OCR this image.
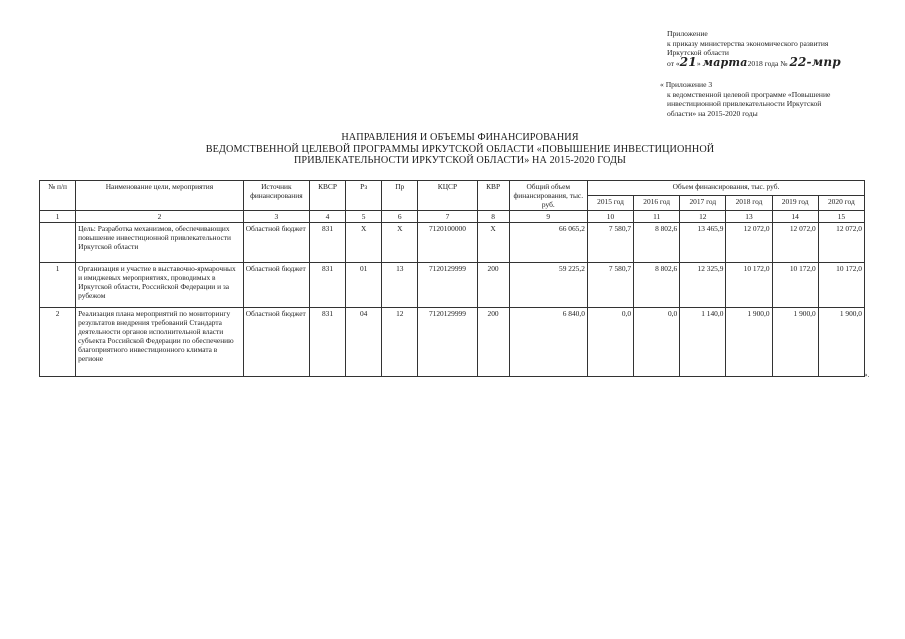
Приложение
к приказу министерства экономического развития
Иркутской области
от «21» марта2018 года № 22-мпр
« Приложение 3
к ведомственной целевой программе «Повышение
инвестиционной привлекательности Иркутской
области» на 2015-2020 годы
НАПРАВЛЕНИЯ И ОБЪЕМЫ ФИНАНСИРОВАНИЯ
ВЕДОМСТВЕННОЙ ЦЕЛЕВОЙ ПРОГРАММЫ ИРКУТСКОЙ ОБЛАСТИ «ПОВЫШЕНИЕ ИНВЕСТИЦИОННОЙ
ПРИВЛЕКАТЕЛЬНОСТИ ИРКУТСКОЙ ОБЛАСТИ» НА 2015-2020 ГОДЫ
№ п/п	Наименование цели, мероприятия	Источник финансирования	КВСР	Рз	Пр	КЦСР	КВР	Общий объем финансирования, тыс. руб.	Объем финансирования, тыс. руб.					
									2015 год	2016 год	2017 год	2018 год	2019 год	2020 год
1	2	3	4	5	6	7	8	9	10	11	12	13	14	15
	Цель: Разработка механизмов, обеспечивающих повышение инвестиционной привлекательности Иркутской области	Областной бюджет	831	Х	Х	7120100000	Х	66 065,2	7 580,7	8 802,6	13 465,9	12 072,0	12 072,0	12 072,0
1	Организация и участие в выставочно-ярмарочных и имиджевых мероприятиях, проводимых в Иркутской области, Российской Федерации и за рубежом	Областной бюджет	831	01	13	7120129999	200	59 225,2	7 580,7	8 802,6	12 325,9	10 172,0	10 172,0	10 172,0
2	Реализация плана мероприятий по мониторингу результатов внедрения требований Стандарта деятельности органов исполнительной власти субъекта Российской Федерации по обеспечению благоприятного инвестиционного климата в регионе	Областной бюджет	831	04	12	7120129999	200	6 840,0	0,0	0,0	1 140,0	1 900,0	1 900,0	1 900,0
.
».
